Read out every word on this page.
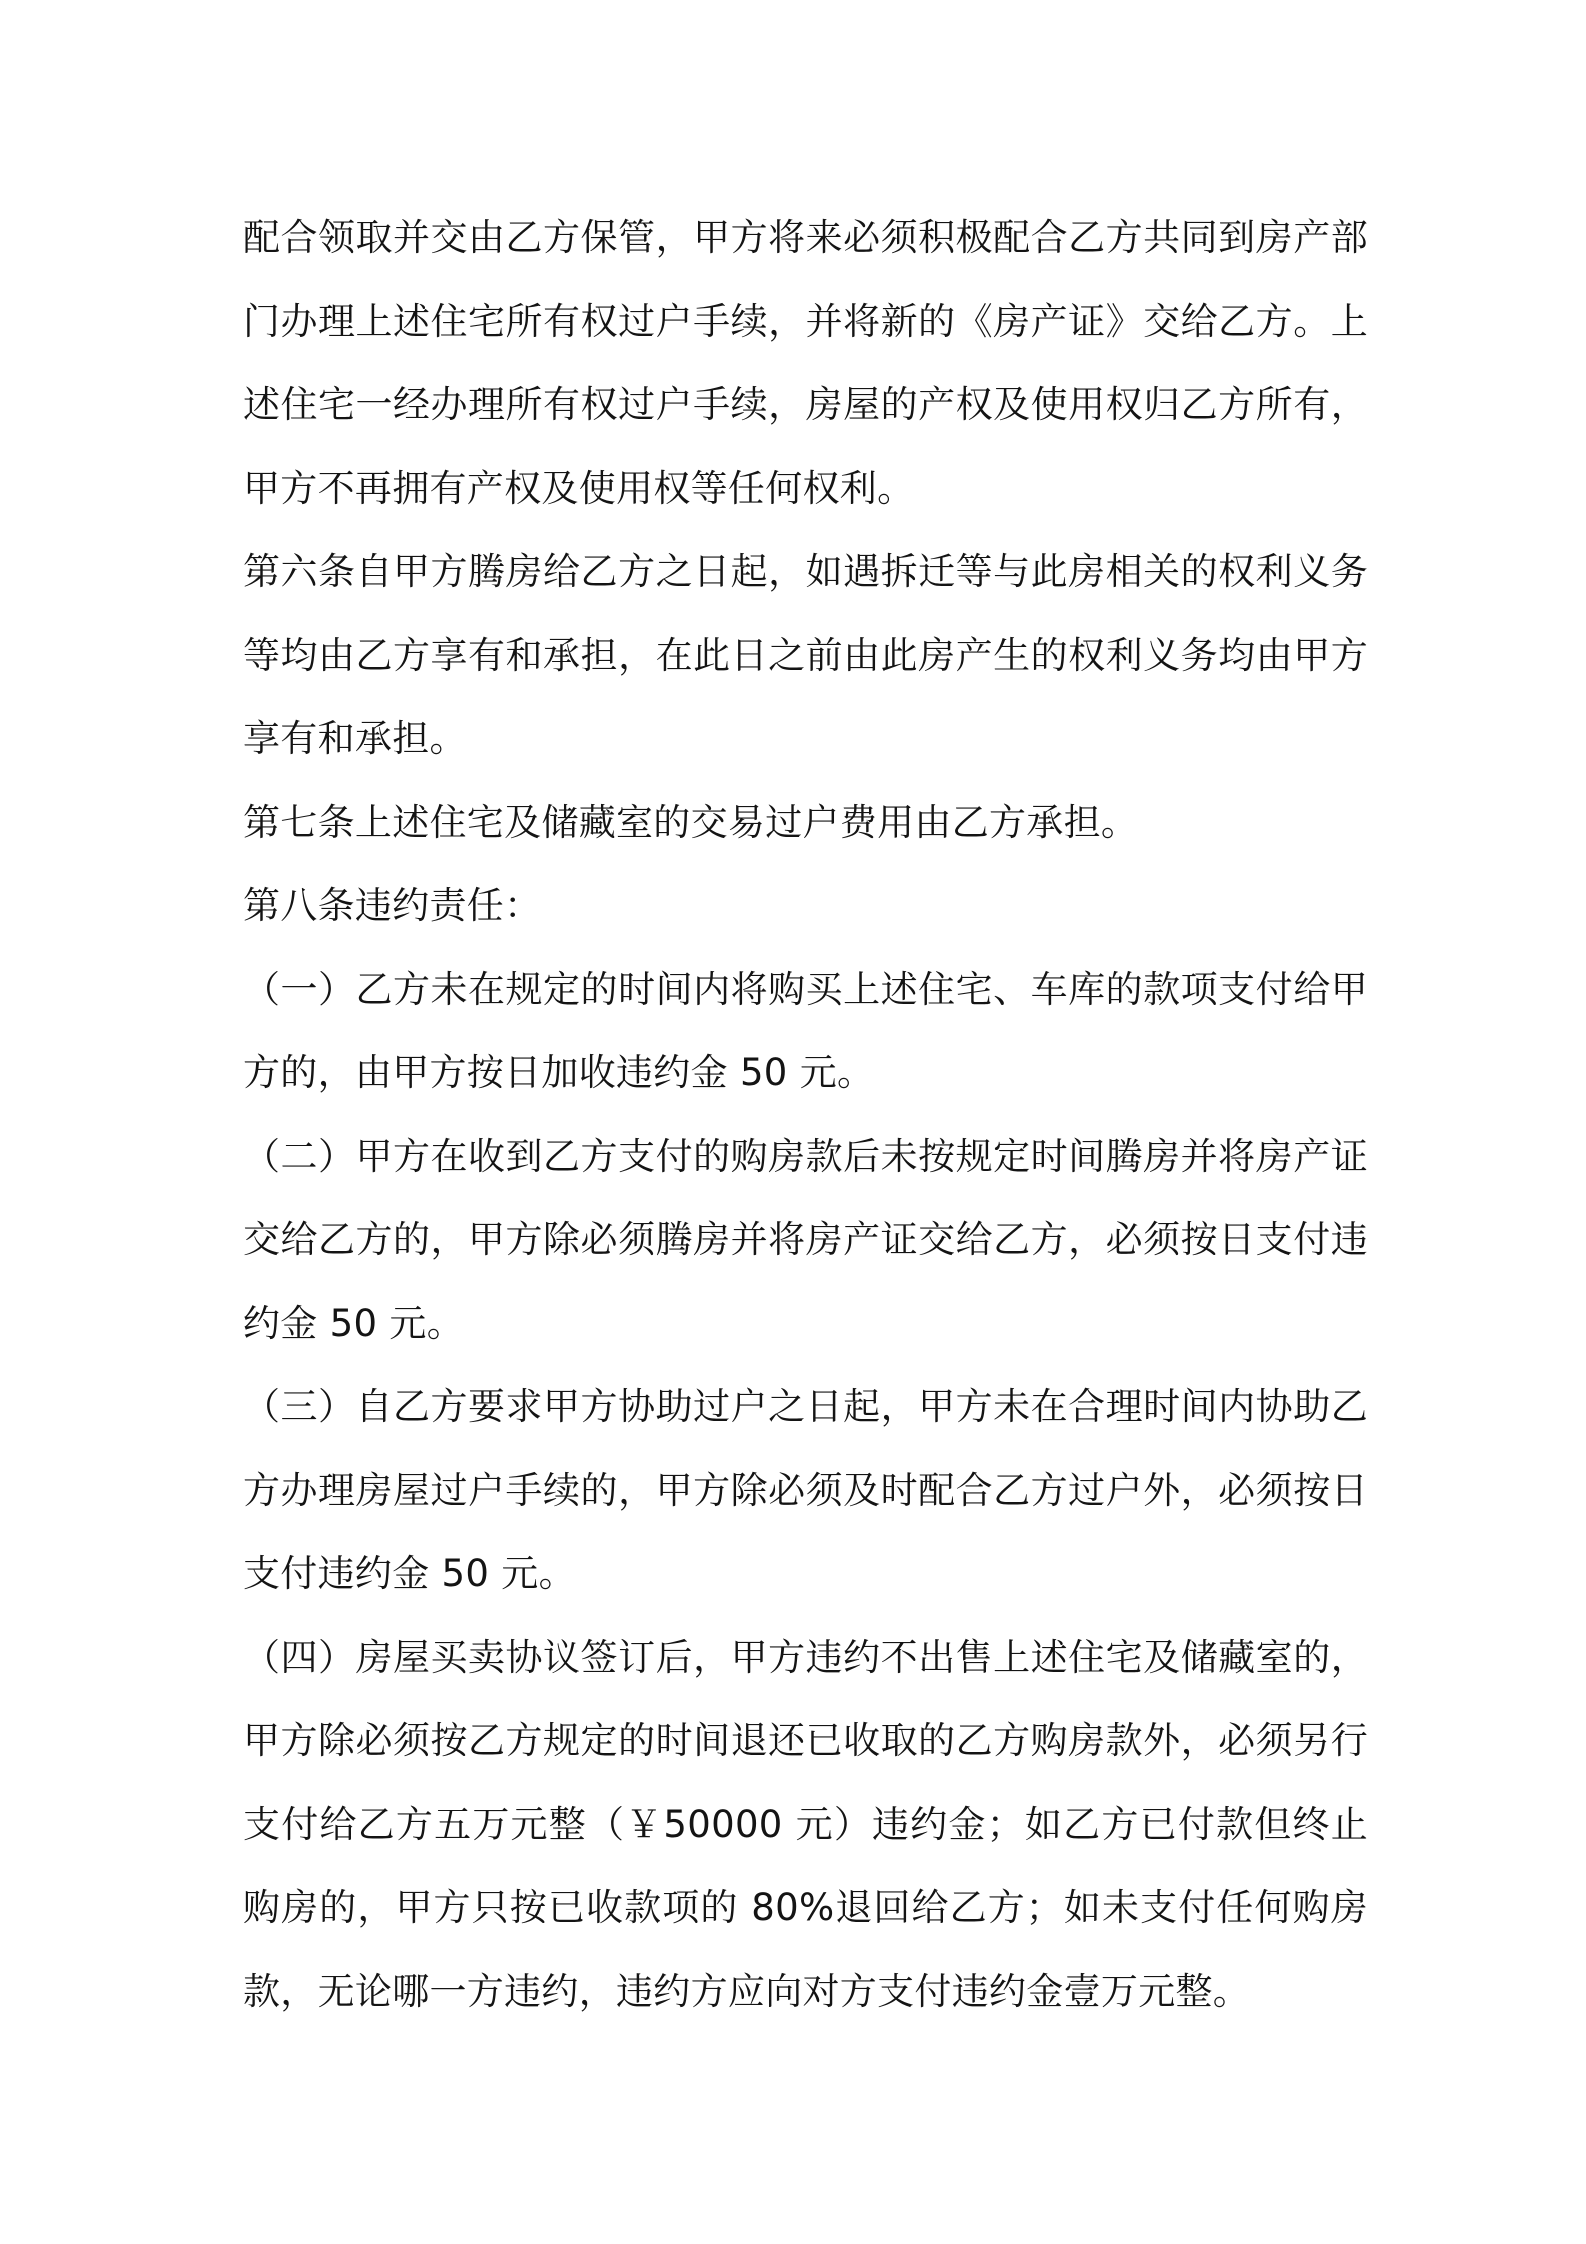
配合领取并交由乙方保管，甲方将来必须积极配合乙方共同到房产部门办理上述住宅所有权过户手续，并将新的《房产证》交给乙方。上述住宅一经办理所有权过户手续，房屋的产权及使用权归乙方所有，甲方不再拥有产权及使用权等任何权利。

第六条自甲方腾房给乙方之日起，如遇拆迁等与此房相关的权利义务等均由乙方享有和承担，在此日之前由此房产生的权利义务均由甲方享有和承担。

第七条上述住宅及储藏室的交易过户费用由乙方承担。

第八条违约责任：

（一）乙方未在规定的时间内将购买上述住宅、车库的款项支付给甲方的，由甲方按日加收违约金 50 元。

（二）甲方在收到乙方支付的购房款后未按规定时间腾房并将房产证交给乙方的，甲方除必须腾房并将房产证交给乙方，必须按日支付违约金 50 元。

（三）自乙方要求甲方协助过户之日起，甲方未在合理时间内协助乙方办理房屋过户手续的，甲方除必须及时配合乙方过户外，必须按日支付违约金 50 元。

（四）房屋买卖协议签订后，甲方违约不出售上述住宅及储藏室的，甲方除必须按乙方规定的时间退还已收取的乙方购房款外，必须另行支付给乙方五万元整（￥50000 元）违约金；如乙方已付款但终止购房的，甲方只按已收款项的 80%退回给乙方；如未支付任何购房款，无论哪一方违约，违约方应向对方支付违约金壹万元整。
